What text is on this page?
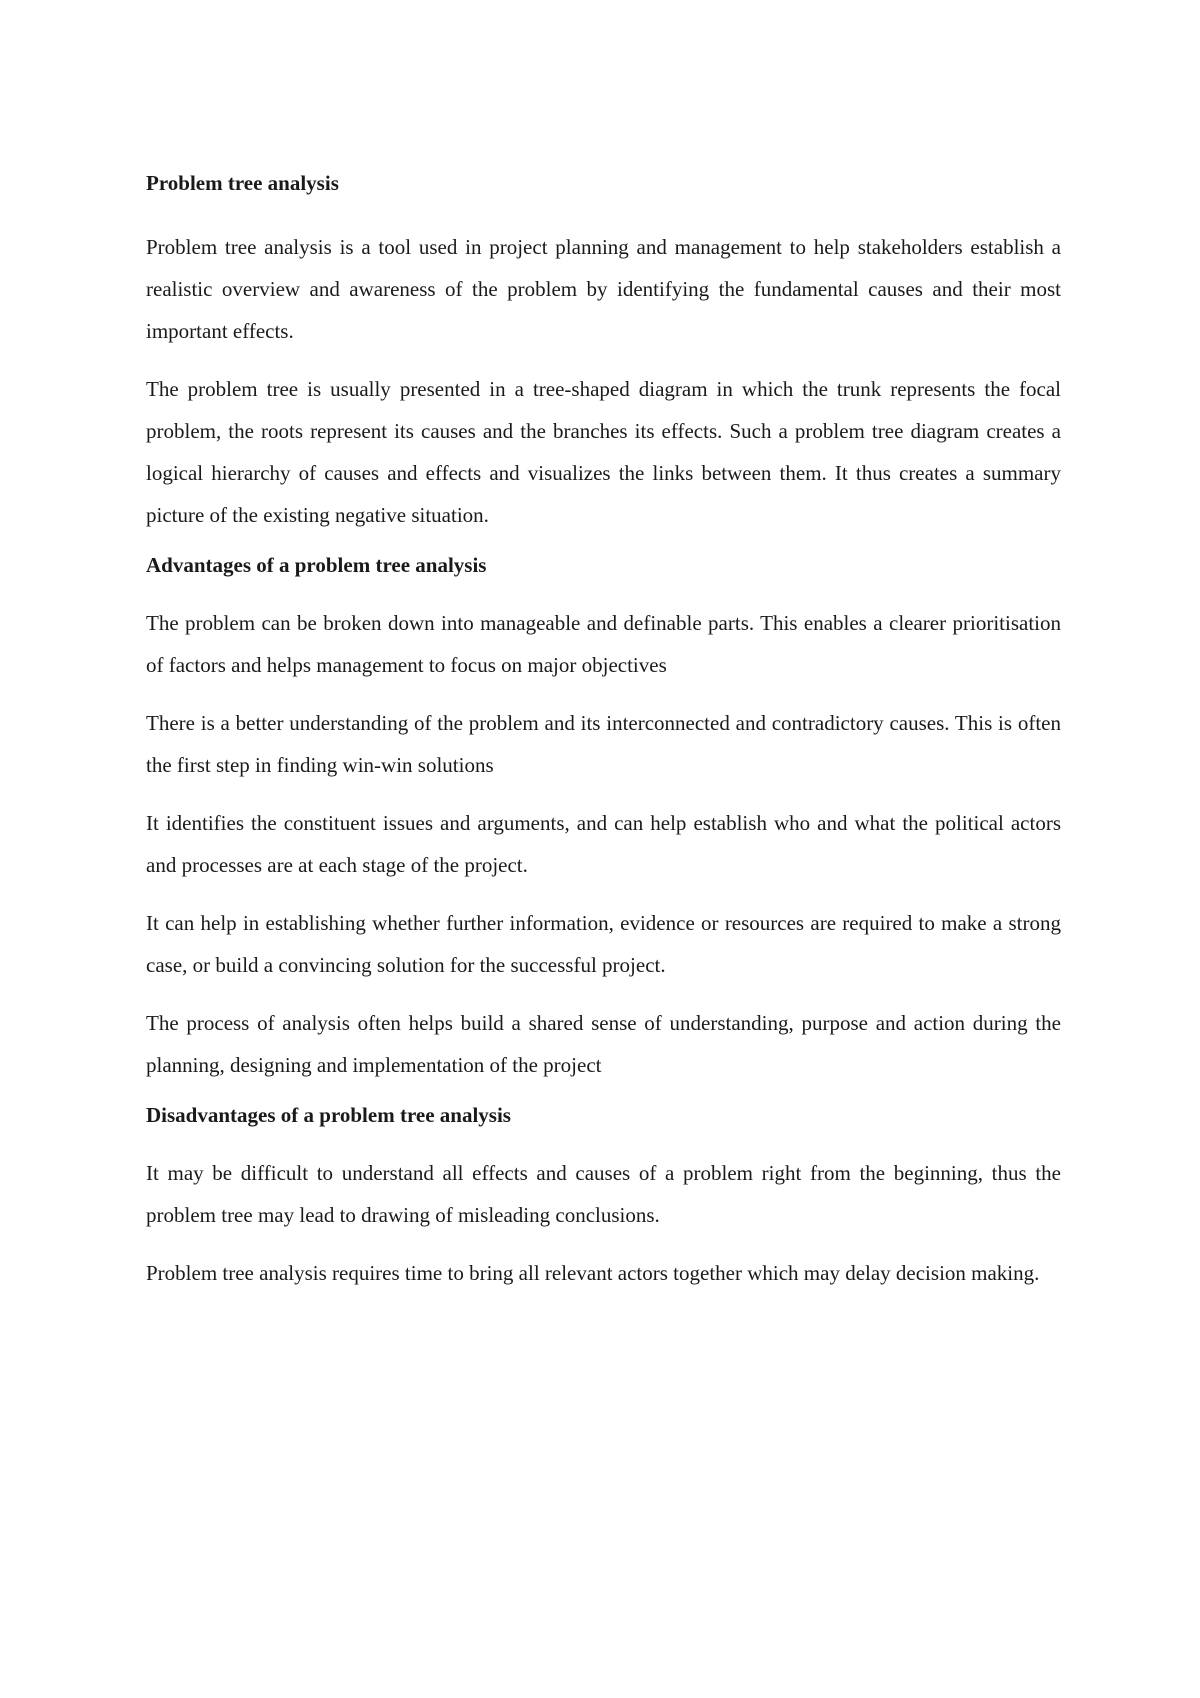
Problem tree analysis

Problem tree analysis is a tool used in project planning and management to help stakeholders establish a realistic overview and awareness of the problem by identifying the fundamental causes and their most important effects.

The problem tree is usually presented in a tree-shaped diagram in which the trunk represents the focal problem, the roots represent its causes and the branches its effects. Such a problem tree diagram creates a logical hierarchy of causes and effects and visualizes the links between them. It thus creates a summary picture of the existing negative situation.

Advantages of a problem tree analysis

The problem can be broken down into manageable and definable parts. This enables a clearer prioritisation of factors and helps management to focus on major objectives

There is a better understanding of the problem and its interconnected and contradictory causes. This is often the first step in finding win-win solutions

It identifies the constituent issues and arguments, and can help establish who and what the political actors and processes are at each stage of the project.

It can help in establishing whether further information, evidence or resources are required to make a strong case, or build a convincing solution for the successful project.

The process of analysis often helps build a shared sense of understanding, purpose and action during the planning, designing and implementation of the project

Disadvantages of a problem tree analysis

It may be difficult to understand all effects and causes of a problem right from the beginning, thus the problem tree may lead to drawing of misleading conclusions.

Problem tree analysis requires time to bring all relevant actors together which may delay decision making.
